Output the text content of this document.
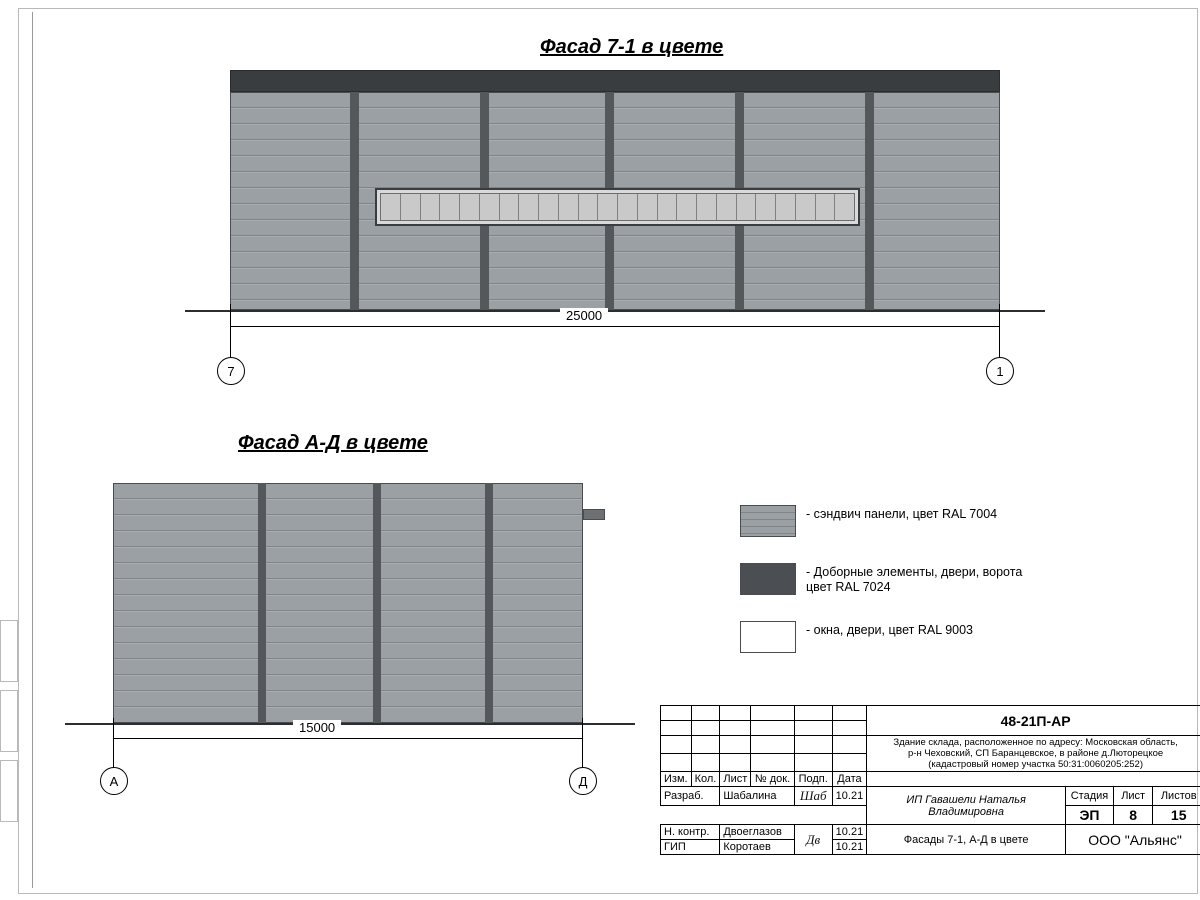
Фасад 7-1 в цвете
25000
7	1
Фасад А-Д в цвете
15000
А	Д
- сэндвич панели, цвет RAL 7004
- Доборные элементы, двери, ворота
цвет RAL 7024
- окна, двери, цвет RAL 9003
						48-21П-АР			

						Здание склада, расположенное по адресу: Московская область,
р-н Чеховский, СП Баранцевское, в районе д.Люторецкое
(кадастровый номер участка 50:31:0060205:252)			

Изм.	Кол.	Лист	№ док.	Подп.	Дата				
Разраб.		Шабалина		Шаб	10.21	ИП Гавашели Наталья Владимировна	Стадия	Лист	Листов
							ЭП	8	15
Н. контр.		Двоеглазов		Дв	10.21	Фасады 7-1, А-Д в цвете	ООО "Альянс"		
ГИП		Коротаев			10.21				
